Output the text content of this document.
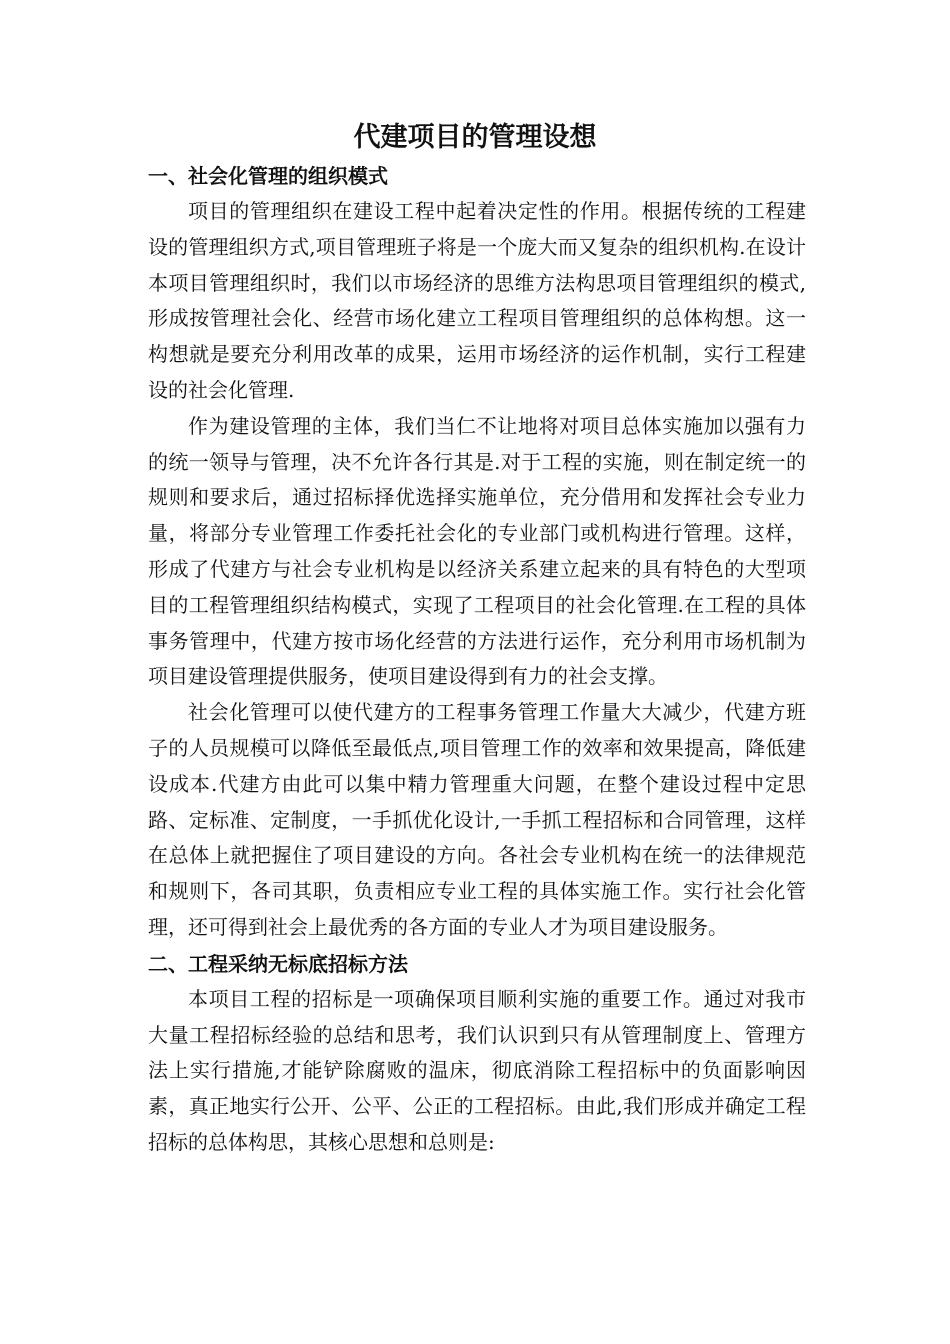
代建项目的管理设想
一、社会化管理的组织模式

项目的管理组织在建设工程中起着决定性的作用。根据传统的工程建设的管理组织方式,项目管理班子将是一个庞大而又复杂的组织机构.在设计本项目管理组织时，我们以市场经济的思维方法构思项目管理组织的模式,形成按管理社会化、经营市场化建立工程项目管理组织的总体构想。这一构想就是要充分利用改革的成果，运用市场经济的运作机制，实行工程建设的社会化管理.

作为建设管理的主体，我们当仁不让地将对项目总体实施加以强有力的统一领导与管理，决不允许各行其是.对于工程的实施，则在制定统一的规则和要求后，通过招标择优选择实施单位，充分借用和发挥社会专业力量，将部分专业管理工作委托社会化的专业部门或机构进行管理。这样，形成了代建方与社会专业机构是以经济关系建立起来的具有特色的大型项目的工程管理组织结构模式，实现了工程项目的社会化管理.在工程的具体事务管理中，代建方按市场化经营的方法进行运作，充分利用市场机制为项目建设管理提供服务，使项目建设得到有力的社会支撑。

社会化管理可以使代建方的工程事务管理工作量大大减少，代建方班子的人员规模可以降低至最低点,项目管理工作的效率和效果提高，降低建设成本.代建方由此可以集中精力管理重大问题，在整个建设过程中定思路、定标准、定制度，一手抓优化设计,一手抓工程招标和合同管理，这样在总体上就把握住了项目建设的方向。各社会专业机构在统一的法律规范和规则下，各司其职，负责相应专业工程的具体实施工作。实行社会化管理，还可得到社会上最优秀的各方面的专业人才为项目建设服务。

二、工程采纳无标底招标方法

本项目工程的招标是一项确保项目顺利实施的重要工作。通过对我市大量工程招标经验的总结和思考，我们认识到只有从管理制度上、管理方法上实行措施,才能铲除腐败的温床，彻底消除工程招标中的负面影响因素，真正地实行公开、公平、公正的工程招标。由此,我们形成并确定工程招标的总体构思，其核心思想和总则是:
